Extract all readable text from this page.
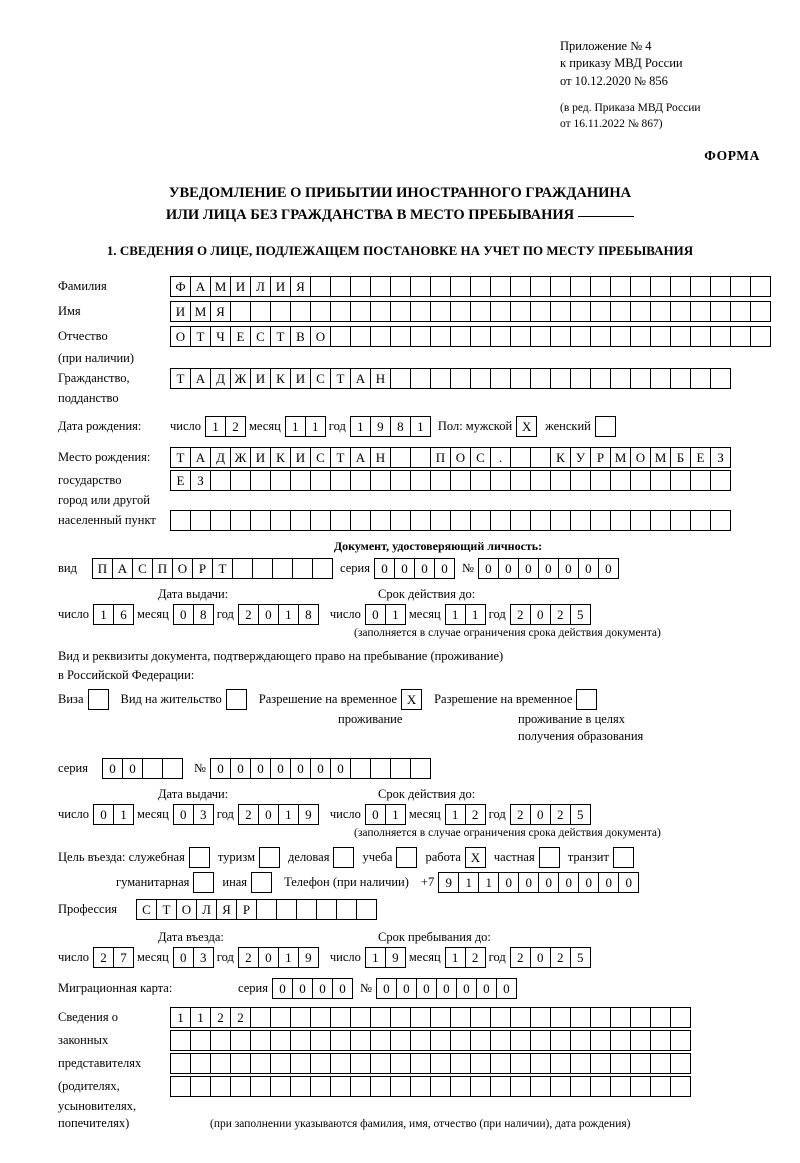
Приложение № 4
к приказу МВД России
от 10.12.2020 № 856
(в ред. Приказа МВД России
от 16.11.2022 № 867)
ФОРМА
УВЕДОМЛЕНИЕ О ПРИБЫТИИ ИНОСТРАННОГО ГРАЖДАНИНА
ИЛИ ЛИЦА БЕЗ ГРАЖДАНСТВА В МЕСТО ПРЕБЫВАНИЯ
1. СВЕДЕНИЯ О ЛИЦЕ, ПОДЛЕЖАЩЕМ ПОСТАНОВКЕ НА УЧЕТ ПО МЕСТУ ПРЕБЫВАНИЯ
Фамилия	Ф А М И Л И Я
Имя	И М Я
Отчество	О Т Ч Е С Т В О
(при наличии)
Гражданство,	Т А Д Ж И К И С Т А Н
подданство
Дата рождения:	число 1	2 месяц 1	1 год 1	9	8	1	Пол: мужской Х	женский
Место рождения:	Т А Д Ж И К И С Т А Н	П О С	.	К У Р М О М Б Е З
государство	Е З
город или другой
населенный пункт
Документ, удостоверяющий личность:
вид	П А С П О Р Т	серия 0	0	0	0	№ 0	0	0	0	0	0	0
Дата выдачи:	Срок действия до:
число 1	6 месяц 0	8 год 2	0	1	8	число 0	1 месяц 1	1 год 2	0	2	5
(заполняется в случае ограничения срока действия документа)
Вид и реквизиты документа, подтверждающего право на пребывание (проживание)
в Российской Федерации:
Виза	Вид на жительство	Разрешение на временное Х	Разрешение на временное
проживание	проживание в целях
получения образования
серия	0	0	№ 0	0	0	0	0	0	0
Дата выдачи:	Срок действия до:
число 0	1 месяц 0	3 год 2	0	1	9	число 0	1 месяц 1	2 год 2	0	2	5
(заполняется в случае ограничения срока действия документа)
Цель въезда: служебная	туризм	деловая	учеба	работа Х	частная	транзит
гуманитарная	иная	Телефон (при наличии) +7 9	1	1	0	0	0	0	0	0	0
Профессия	С Т О Л Я Р
Дата въезда:	Срок пребывания до:
число 2	7 месяц 0	3 год 2	0	1	9	число 1	9 месяц 1	2 год 2	0	2	5
Миграционная карта:	серия 0	0	0	0	№ 0	0	0	0	0	0	0
Сведения о	1	1	2	2
законных
представителях
(родителях,
усыновителях,
попечителях)	(при заполнении указываются фамилия, имя, отчество (при наличии), дата рождения)
